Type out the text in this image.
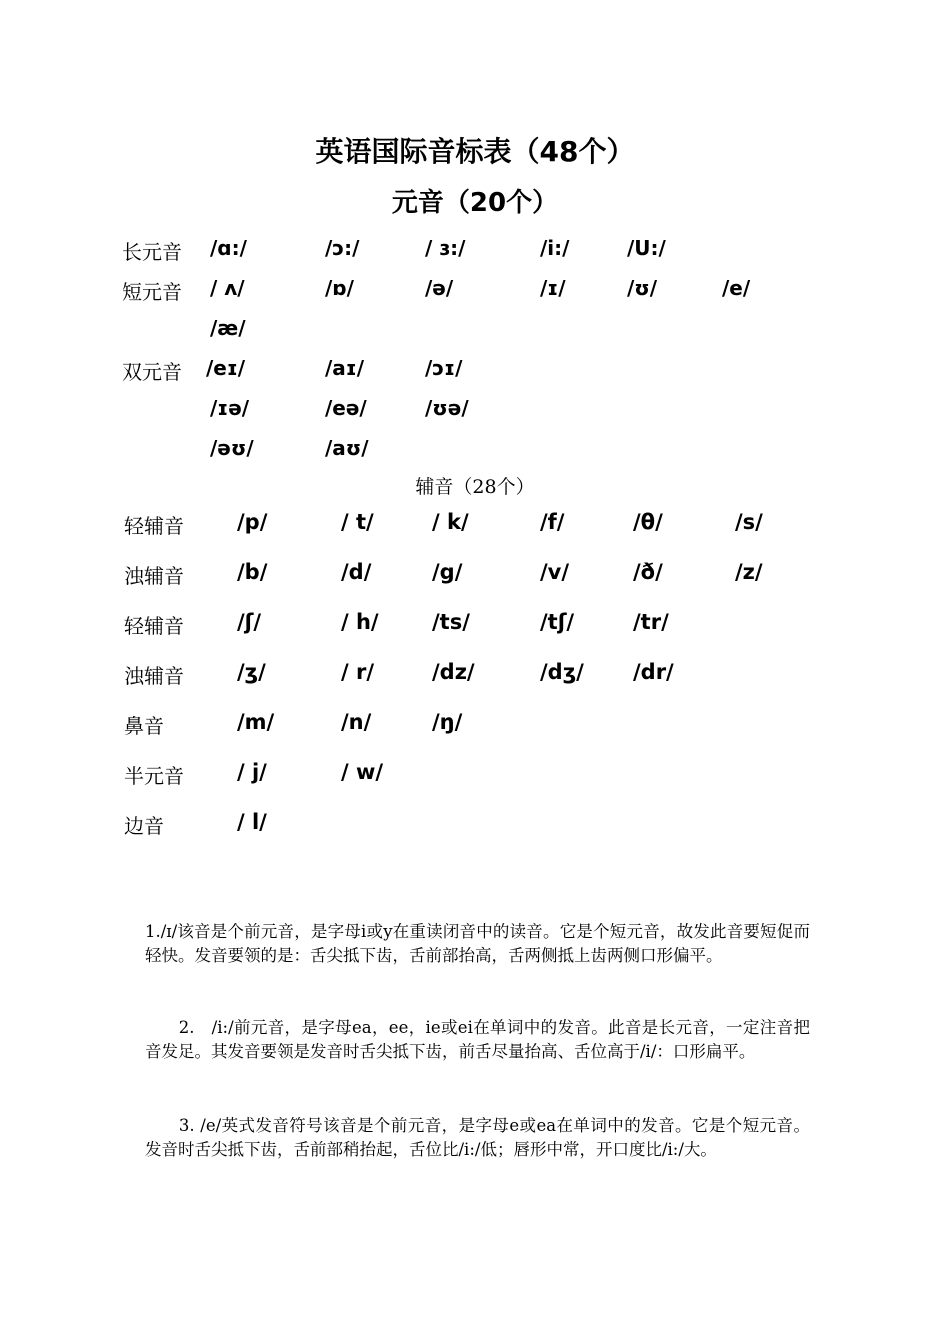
英语国际音标表（48个）
元音（20个）
长元音 /ɑ:/	/ɔ:/	/ ɜ:/	/i:/	/U:/
短元音 / ʌ/	/ɒ/	/ə/	/ɪ/	/ʊ/	/e/
/æ/
双元音 /eɪ/	/aɪ/	/ɔɪ/
/ɪə/	/eə/	/ʊə/
/əʊ/	/aʊ/
辅音（28个）
轻辅音	/p/	/ t/	/ k/	/f/	/θ/	/s/
浊辅音	/b/	/d/	/g/	/v/	/ð/	/z/
轻辅音	/ʃ/	/ h/	/ts/	/tʃ/	/tr/
浊辅音	/ʒ/	/ r/	/dz/	/dʒ/ /dr/
鼻音	/m/	/n/	/ŋ/
半元音	/ j/	/ w/
边音	/ l/
1./ɪ/该音是个前元音，是字母i或y在重读闭音中的读音。它是个短元音，故发此音要短促而轻快。发音要领的是：舌尖抵下齿，舌前部抬高，舌两侧抵上齿两侧口形偏平。
　　2.　/i:/前元音，是字母ea，ee，ie或ei在单词中的发音。此音是长元音，一定注音把音发足。其发音要领是发音时舌尖抵下齿，前舌尽量抬高、舌位高于/i/：口形扁平。
　　3. /e/英式发音符号该音是个前元音，是字母e或ea在单词中的发音。它是个短元音。发音时舌尖抵下齿，舌前部稍抬起，舌位比/i:/低；唇形中常，开口度比/i:/大。
